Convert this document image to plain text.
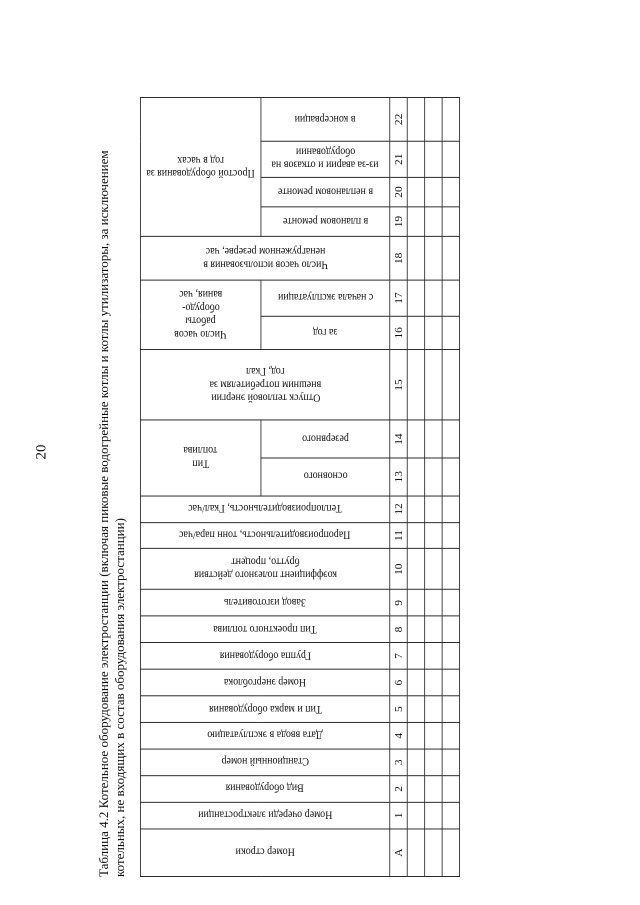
20	Таблица 4.2 Котельное оборудование электростанции (включая пиковые водогрейные котлы и котлы утилизаторы, за исключением котельных, не входящих в состав оборудования электростанции)	Номер строки	Номер очереди электростанции	Вид оборудования	Станционный номер	Дата ввода в эксплуатацию	Тип и марка оборудования	Номер энергоблока	Группа оборудования	Тип проектного топлива	Завод изготовитель	коэффициент полезного действия брутто, процент	Паропроизводительность, тонн пара/час	Теплопроизводительность, Гкал/час	Тип топлива		Отпуск тепловой энергии внешним потребителям за год, Гкал	Число часов работы оборудо-вания, час		Число часов использования в ненагруженном резерве, час	Простой оборудования за год в часах			

													основного	резервного		за год	с начала эксплуатации		в плановом ремонте	в неплановом ремонте	из-за аварии и отказов на оборудовании	в консервации

А	1	2	3	4	5	6	7	8	9	10	11	12	13	14	15	16	17	18	19	20	21	22
